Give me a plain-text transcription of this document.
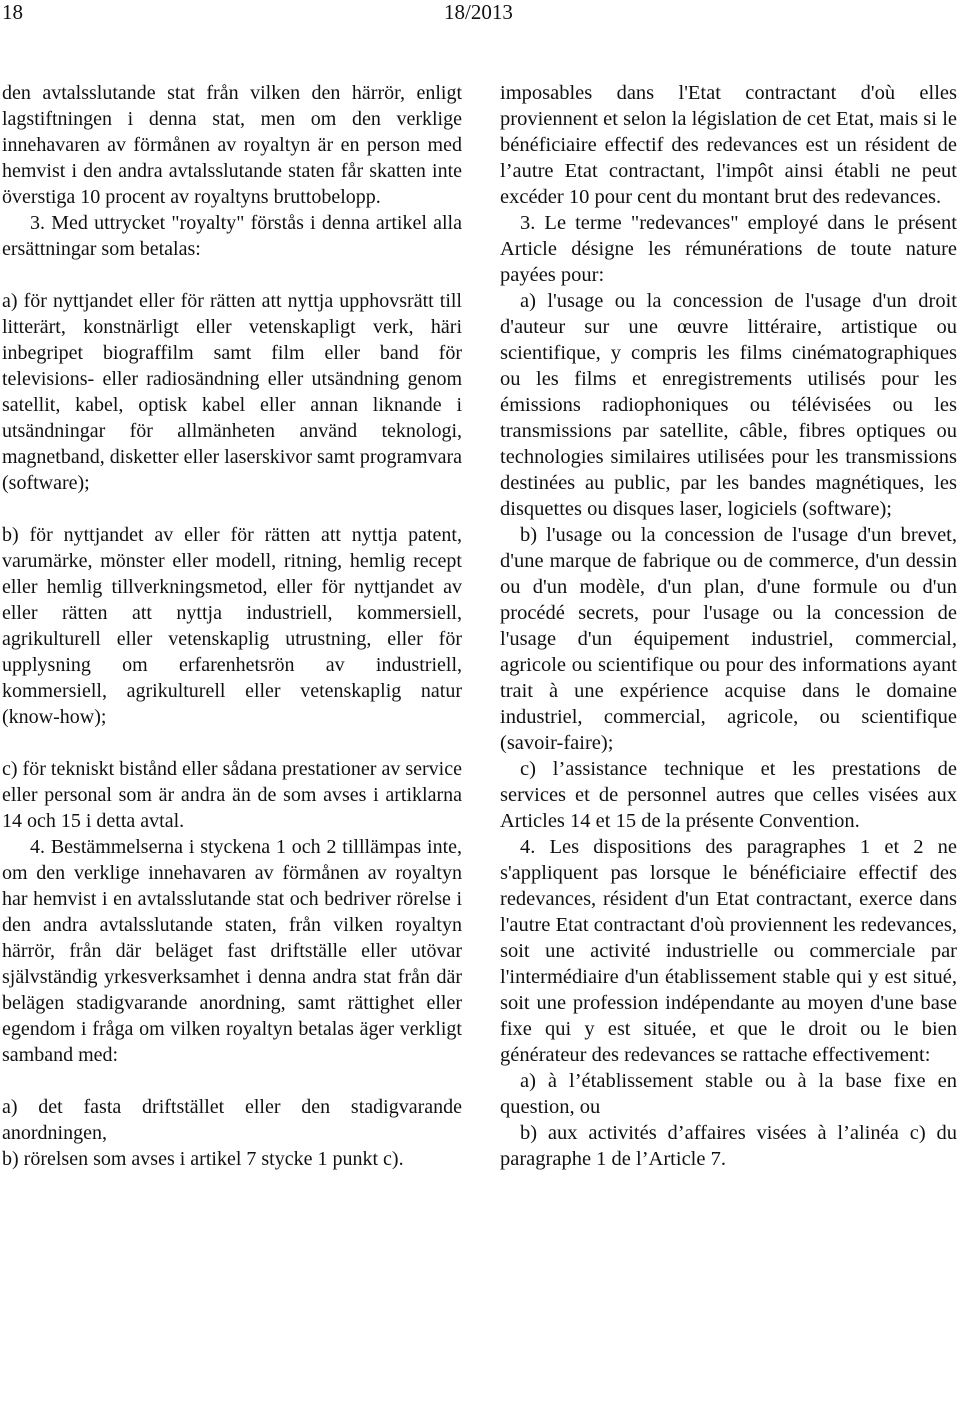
18	18/2013

den avtalsslutande stat från vilken den härrör, enligt lagstiftningen i denna stat, men om den verklige innehavaren av förmånen av royaltyn är en person med hemvist i den andra avtalsslutande staten får skatten inte överstiga 10 procent av royaltyns bruttobelopp.

3. Med uttrycket "royalty" förstås i denna artikel alla ersättningar som betalas:

a) för nyttjandet eller för rätten att nyttja upphovsrätt till litterärt, konstnärligt eller vetenskapligt verk, häri inbegripet biograffilm samt film eller band för televisions- eller radiosändning eller utsändning genom satellit, kabel, optisk kabel eller annan liknande i utsändningar för allmänheten använd teknologi, magnetband, disketter eller laserskivor samt programvara (software);

b) för nyttjandet av eller för rätten att nyttja patent, varumärke, mönster eller modell, ritning, hemlig recept eller hemlig tillverkningsmetod, eller för nyttjandet av eller rätten att nyttja industriell, kommersiell, agrikulturell eller vetenskaplig utrustning, eller för upplysning om erfarenhetsrön av industriell, kommersiell, agrikulturell eller vetenskaplig natur (know-how);

c) för tekniskt bistånd eller sådana prestationer av service eller personal som är andra än de som avses i artiklarna 14 och 15 i detta avtal.

4. Bestämmelserna i styckena 1 och 2 tilllämpas inte, om den verklige innehavaren av förmånen av royaltyn har hemvist i en avtalsslutande stat och bedriver rörelse i den andra avtalsslutande staten, från vilken royaltyn härrör, från där beläget fast driftställe eller utövar självständig yrkesverksamhet i denna andra stat från där belägen stadigvarande anordning, samt rättighet eller egendom i fråga om vilken royaltyn betalas äger verkligt samband med:

a) det fasta driftstället eller den stadigvarande anordningen,

b) rörelsen som avses i artikel 7 stycke 1 punkt c).

imposables dans l'Etat contractant d'où elles proviennent et selon la législation de cet Etat, mais si le bénéficiaire effectif des redevances est un résident de l’autre Etat contractant, l'impôt ainsi établi ne peut excéder 10 pour cent du montant brut des redevances.

3. Le terme "redevances" employé dans le présent Article désigne les rémunérations de toute nature payées pour:

a) l'usage ou la concession de l'usage d'un droit d'auteur sur une œuvre littéraire, artistique ou scientifique, y compris les films cinématographiques ou les films et enregistrements utilisés pour les émissions radiophoniques ou télévisées ou les transmissions par satellite, câble, fibres optiques ou technologies similaires utilisées pour les transmissions destinées au public, par les bandes magnétiques, les disquettes ou disques laser, logiciels (software);

b) l'usage ou la concession de l'usage d'un brevet, d'une marque de fabrique ou de commerce, d'un dessin ou d'un modèle, d'un plan, d'une formule ou d'un procédé secrets, pour l'usage ou la concession de l'usage d'un équipement industriel, commercial, agricole ou scientifique ou pour des informations ayant trait à une expérience acquise dans le domaine industriel, commercial, agricole, ou scientifique (savoir-faire);

c) l’assistance technique et les prestations de services et de personnel autres que celles visées aux Articles 14 et 15 de la présente Convention.

4. Les dispositions des paragraphes 1 et 2 ne s'appliquent pas lorsque le bénéficiaire effectif des redevances, résident d'un Etat contractant, exerce dans l'autre Etat contractant d'où proviennent les redevances, soit une activité industrielle ou commerciale par l'intermédiaire d'un établissement stable qui y est situé, soit une profession indépendante au moyen d'une base fixe qui y est située, et que le droit ou le bien générateur des redevances se rattache effectivement:

a) à l’établissement stable ou à la base fixe en question, ou

b) aux activités d’affaires visées à l’alinéa c) du paragraphe 1 de l’Article 7.
